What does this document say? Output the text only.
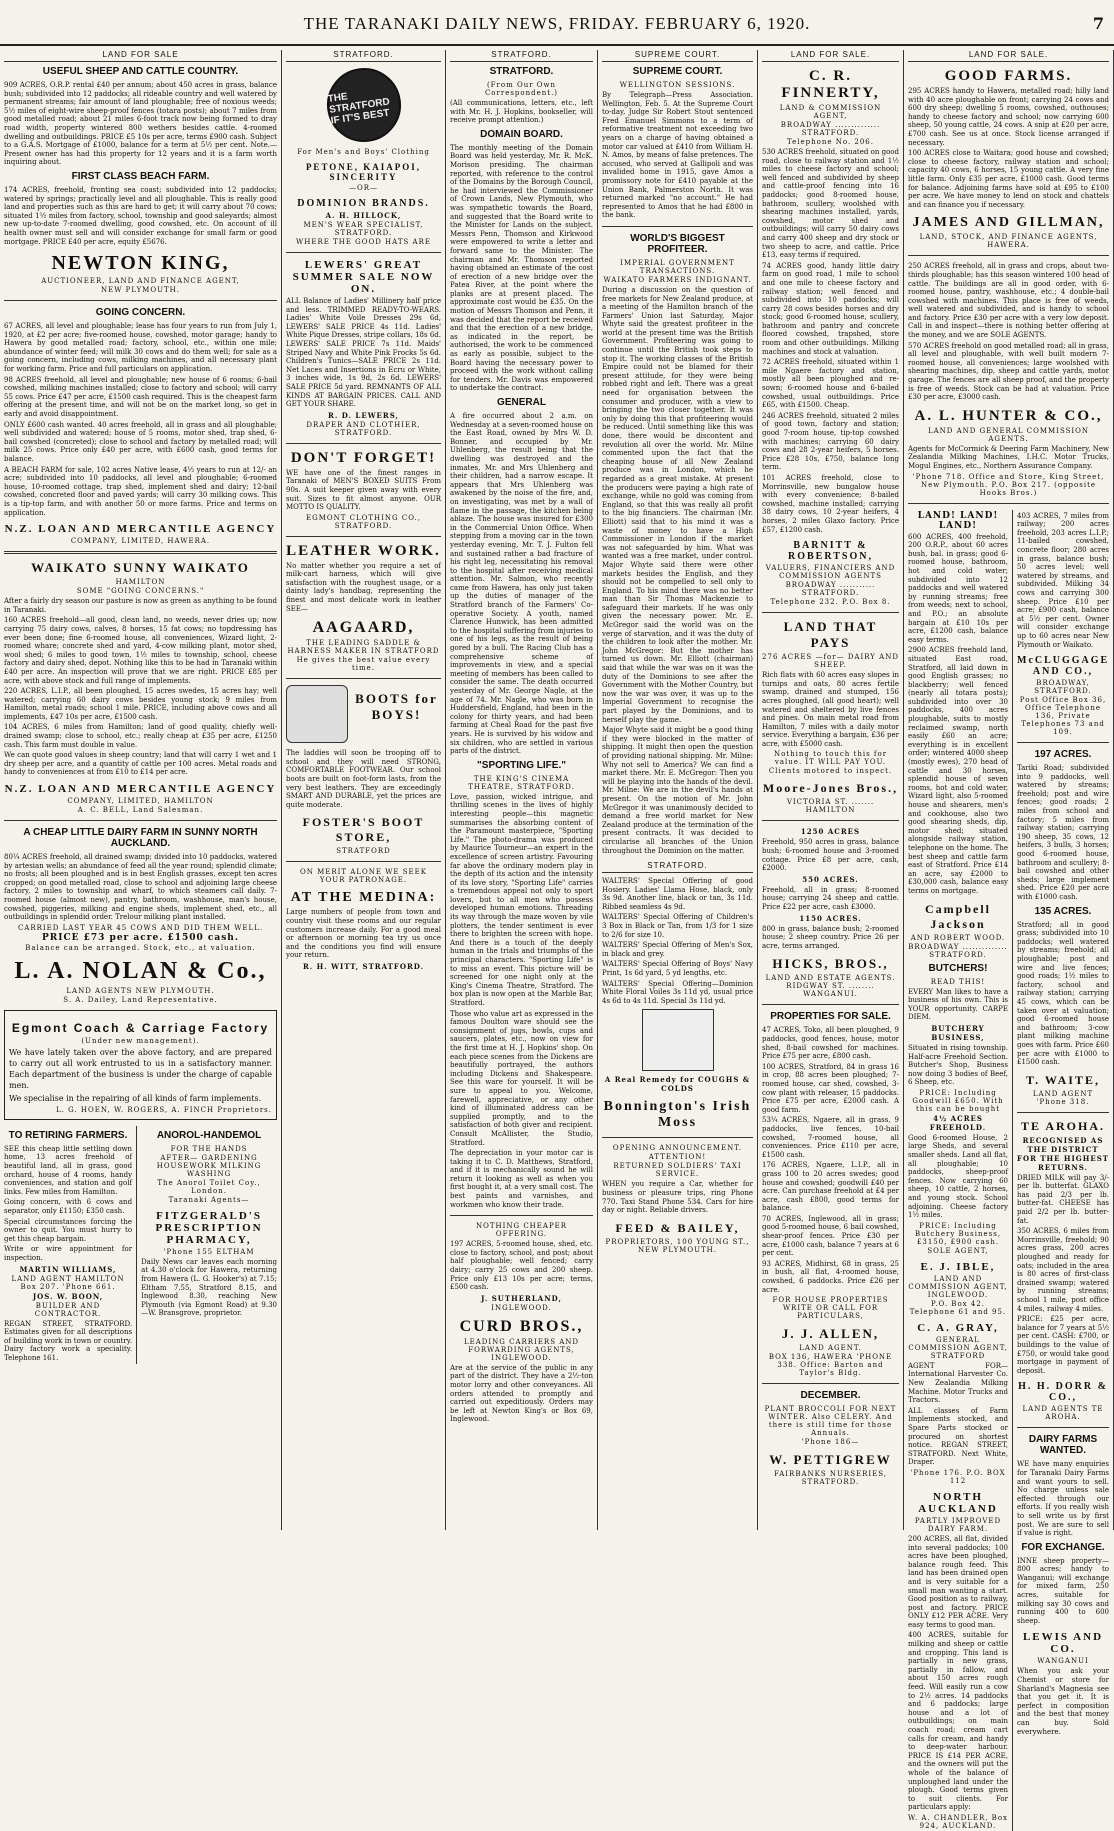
THE TARANAKI DAILY NEWS, FRIDAY. FEBRUARY 6, 1920.	7
LAND FOR SALE
USEFUL SHEEP AND CATTLE COUNTRY.
909 ACRES, O.R.P. rental £40 per annum; about 450 acres in grass, balance bush; subdivided into 12 paddocks; all rideable country and well watered by permanent streams; fair amount of land ploughable; free of noxious weeds; 5½ miles of eight-wire sheep-proof fences (totara posts); about 7 miles from good metalled road; about 21 miles 6-foot track now being formed to dray road width, property wintered 800 wethers besides cattle. 4-roomed dwelling and outbuildings. PRICE £5 10s per acre, terms £900 cash. Subject to a G.A.S. Mortgage of £1000, balance for a term at 5½ per cent. Note.—Present owner has had this property for 12 years and it is a farm worth inquiring about.
FIRST CLASS BEACH FARM.
174 ACRES, freehold, fronting sea coast; subdivided into 12 paddocks; watered by springs; practically level and all ploughable. This is really good land and properties such as this are hard to get; it will carry about 70 cows; situated 1½ miles from factory, school, township and good saleyards; almost new up-to-date 7-roomed dwelling, good cowshed, etc. On account of ill health owner must sell and will consider exchange for small farm or good mortgage. PRICE £40 per acre, equity £5676.
NEWTON KING,
AUCTIONEER, LAND AND FINANCE AGENT,
NEW PLYMOUTH.
GOING CONCERN.
67 ACRES, all level and ploughable; lease has four years to run from July 1, 1920, at £2 per acre; five-roomed house, cowshed, motor garage; handy to Hawera by good metalled road; factory, school, etc., within one mile; abundance of winter feed; will milk 30 cows and do them well; for sale as a going concern, including cows, milking machines, and all necessary plant for working farm. Price and full particulars on application.
98 ACRES freehold, all level and ploughable; new house of 6 rooms; 6-bail cowshed, milking machines installed; close to factory and school; will carry 55 cows. Price £47 per acre, £1500 cash required. This is the cheapest farm offering at the present time, and will not be on the market long, so get in early and avoid disappointment.
ONLY £600 cash wanted. 40 acres freehold, all in grass and all ploughable; well subdivided and watered; house of 5 rooms, motor shed, trap shed, 6-bail cowshed (concreted); close to school and factory by metalled road; will milk 25 cows. Price only £40 per acre, with £600 cash, good terms for balance.
A BEACH FARM for sale, 102 acres Native lease, 4½ years to run at 12/- an acre; subdivided into 10 paddocks, all level and ploughable; 6-roomed house, 10-roomed cottage, trap shed, implement shed and dairy; 12-bail cowshed, concreted floor and paved yards; will carry 30 milking cows. This is a tip-top farm, and with another 50 or more farms. Price and terms on application.
N.Z. LOAN AND MERCANTILE AGENCY
COMPANY, LIMITED, HAWERA.
WAIKATO SUNNY WAIKATO
HAMILTON
SOME "GOING CONCERNS."
After a fairly dry season our pasture is now as green as anything to be found in Taranaki.
160 ACRES freehold—all good, clean land, no weeds, never dries up; now carrying 75 dairy cows, calves, 8 horses, 15 fat cows; no topdressing has ever been done; fine 6-roomed house, all conveniences, Wizard light, 2-roomed whare; concrete shed and yard, 4-cow milking plant, motor shed, wool shed; 6 miles to good town, 1½ miles to township, school, cheese factory and dairy shed, depot. Nothing like this to be had in Taranaki within £40 per acre. An inspection will prove that we are right. PRICE £85 per acre, with above stock and full range of implements.
220 ACRES, L.I.P., all been ploughed, 15 acres swedes, 15 acres hay; well watered; carrying 60 dairy cows besides young stock; 9 miles from Hamilton, metal roads; school 1 mile. PRICE, including above cows and all implements, £47 10s per acre, £1500 cash.
104 ACRES, 6 miles from Hamilton; land of good quality, chiefly well-drained swamp; close to school, etc.; really cheap at £35 per acre, £1250 cash. This farm must double in value.
We can quote good values in sheep country; land that will carry 1 wet and 1 dry sheep per acre, and a quantity of cattle per 100 acres. Metal roads and handy to conveniences at from £10 to £14 per acre.
N.Z. LOAN AND MERCANTILE AGENCY
COMPANY, LIMITED, HAMILTON
A. C. BELL, Land Salesman.
A CHEAP LITTLE DAIRY FARM IN SUNNY NORTH AUCKLAND.
80¼ ACRES freehold, all drained swamp; divided into 10 paddocks, watered by artesian wells; an abundance of feed all the year round; splendid climate; no frosts; all been ploughed and is in best English grasses, except ten acres cropped; on good metalled road, close to school and adjoining large cheese factory, 2 miles to township and wharf, to which steamers call daily. 7-roomed house (almost new), pantry, bathroom, washhouse, man's house, cowshed, piggeries, milking and engine sheds, implement shed, etc., all outbuildings in splendid order. Trelour milking plant installed.
CARRIED LAST YEAR 45 COWS AND DID THEM WELL.
PRICE £73 per acre. £1500 cash.
Balance can be arranged. Stock, etc., at valuation.
L. A. NOLAN & Co.,
LAND AGENTS NEW PLYMOUTH.
S. A. Dailey, Land Representative.
Egmont Coach & Carriage Factory
(Under new management).
We have lately taken over the above factory, and are prepared to carry out all work entrusted to us in a satisfactory manner. Each department of the business is under the charge of capable men.
We specialise in the repairing of all kinds of farm implements.
L. G. HOEN, W. ROGERS, A. FINCH Proprietors.
TO RETIRING FARMERS.
SEE this cheap little settling down home, 13 acres freehold of beautiful land, all in grass, good orchard, house of 4 rooms, handy conveniences, and station and golf links. Few miles from Hamilton.
Going concern, with 6 cows and separator, only £1150; £350 cash.
Special circumstances forcing the owner to quit. You must hurry to get this cheap bargain.
Write or wire appointment for inspection.
MARTIN WILLIAMS,
LAND AGENT HAMILTON Box 207. 'Phone 661.
JOS. W. BOON,
BUILDER AND CONTRACTOR.
REGAN STREET, STRATFORD. Estimates given for all descriptions of building work in town or country. Dairy factory work a speciality. Telephone 161.
ANOROL-HANDEMOL
FOR THE HANDS
AFTER— GARDENING HOUSEWORK MILKING WASHING
The Anorol Toilet Coy., London.
Taranaki Agents—
FITZGERALD'S PRESCRIPTION PHARMACY,
'Phone 155 ELTHAM
Daily News car leaves each morning at 4.30 o'clock for Hawera, returning from Hawera (L. G. Hooker's) at 7.15; Eltham 7.55, Stratford 8.15, and Inglewood 8.30, reaching New Plymouth (via Egmont Road) at 9.30—W. Bransgrove, proprietor.
STRATFORD.
THE STRATFORD IF IT'S BEST
For Men's and Boys' Clothing
PETONE, KAIAPOI, SINCERITY
—OR—
DOMINION BRANDS.
A. H. HILLOCK,
MEN'S WEAR SPECIALIST, STRATFORD.
WHERE THE GOOD HATS ARE
LEWERS' GREAT SUMMER SALE NOW ON.
ALL Balance of Ladies' Millinery half price and less. TRIMMED READY-TO-WEARS. Ladies' White Voile Dresses 29s 6d, LEWERS' SALE PRICE 4s 11d. Ladies' White Pique Dresses, stripe collars, 18s 6d. LEWERS' SALE PRICE 7s 11d. Maids' Striped Navy and White Pink Frocks 5s 6d. Children's Tunics—SALE PRICE 2s 11d. Net Laces and Insertions in Ecru or White, 3 inches wide, 1s 9d, 2s 6d. LEWERS' SALE PRICE 5d yard. REMNANTS OF ALL KINDS AT BARGAIN PRICES. CALL AND GET YOUR SHARE.
R. D. LEWERS,
DRAPER AND CLOTHIER, STRATFORD.
DON'T FORGET!
WE have one of the finest ranges in Taranaki of MEN'S BOXED SUITS From 90s. A suit keeper given away with every suit. Sizes to fit almost anyone. OUR MOTTO IS QUALITY.
EGMONT CLOTHING CO., STRATFORD.
LEATHER WORK.
No matter whether you require a set of milk-cart harness, which will give satisfaction with the roughest usage, or a dainty lady's handbag, representing the finest and most delicate work in leather SEE—
AAGAARD,
THE LEADING SADDLE & HARNESS MAKER IN STRATFORD
He gives the best value every time.
BOOTS for BOYS!
The laddies will soon be trooping off to school and they will need STRONG, COMFORTABLE FOOTWEAR. Our school boots are built on foot-form lasts, from the very best leathers. They are exceedingly SMART AND DURABLE, yet the prices are quite moderate.
FOSTER'S BOOT STORE,
STRATFORD
ON MERIT ALONE WE SEEK YOUR PATRONAGE.
AT THE MEDINA:
Large numbers of people from town and country visit these rooms and our regular customers increase daily. For a good meal or afternoon or morning tea try us once and the conditions you find will ensure your return.
R. H. WITT, STRATFORD.
STRATFORD.
STRATFORD.
(From Our Own Correspondent.)
(All communications, letters, etc., left with Mr. H. J. Hopkins, bookseller, will receive prompt attention.)
DOMAIN BOARD.
The monthly meeting of the Domain Board was held yesterday, Mr. R. McK. Morison presiding. The chairman reported, with reference to the control of the Domains by the Borough Council, he had interviewed the Commissioner of Crown Lands, New Plymouth, who was sympathetic towards the Board, and suggested that the Board write to the Minister for Lands on the subject. Messrs Penn, Thomson and Kirkwood were empowered to write a letter and forward same to the Minister. The chairman and Mr. Thomson reported having obtained an estimate of the cost of erection of a new bridge over the Patea River, at the point where the planks are at present placed. The approximate cost would be £35. On the motion of Messrs Thomson and Penn, it was decided that the report be received and that the erection of a new bridge, as indicated in the report, be authorised, the work to be commenced as early as possible, subject to the Board having the necessary power to proceed with the work without calling for tenders. Mr. Davis was empowered to undertake the contract.
GENERAL
A fire occurred about 2 a.m. on Wednesday at a seven-roomed house on the East Road, owned by Mrs W. D. Bonner, and occupied by Mr. Uhlenberg, the result being that the dwelling was destroyed and the inmates, Mr. and Mrs Uhlenberg and their children, had a narrow escape. It appears that Mrs Uhlenberg was awakened by the noise of the fire, and, on investigating, was met by a wall of flame in the passage, the kitchen being ablaze. The house was insured for £300 in the Commercial Union Office. When stepping from a moving car in the town yesterday evening, Mr. T. J. Fulton fell and sustained rather a bad fracture of his right leg, necessitating his removal to the hospital after receiving medical attention. Mr. Salmon, who recently came from Hawera, has only just taken up the duties of manager of the Stratford branch of the Farmers' Co-operative Society. A youth, named Clarence Hunwick, has been admitted to the hospital suffering from injuries to one of his legs, as the result of being gored by a bull. The Racing Club has a comprehensive scheme of improvements in view, and a special meeting of members has been called to consider the same. The death occurred yesterday of Mr. George Nagle, at the age of 74. Mr. Nagle, who was born in Huddersfield, England, had been in the colony for thirty years, and had been farming at Cheal Road for the past five years. He is survived by his widow and six children, who are settled in various parts of the district.
"SPORTING LIFE."
THE KING'S CINEMA THEATRE, STRATFORD.
Love, passion, wicked intrigue, and thrilling scenes in the lives of highly interesting people—this magnetic summarises the absorbing content of the Paramount masterpiece, "Sporting Life." The photo-drama was produced by Maurice Tourneur—an expert in the excellence of screen artistry. Favouring far above the ordinary modern play in the depth of its action and the intensity of its love story, "Sporting Life" carries a tremendous appeal not only to sport lovers, but to all men who possess developed human emotions. Threading its way through the maze woven by vile plotters, the tender sentiment is ever there to brighten the screen with hope. And there is a touch of the deeply human in the trials and triumphs of the principal characters. "Sporting Life" is to miss an event. This picture will be screened for one night only at the King's Cinema Theatre, Stratford. The box plan is now open at the Marble Bar, Stratford.
Those who value art as expressed in the famous Doulton ware should see the consignment of jugs, bowls, cups and saucers, plates, etc., now on view for the first time at H. J. Hopkins' shop. On each piece scenes from the Dickens are beautifully portrayed, the authors including Dickens and Shakespeare. See this ware for yourself. It will be sure to appeal to you. Welcome, farewell, appreciative, or any other kind of illuminated address can be supplied promptly, and to the satisfaction of both giver and recipient. Consult McAllister, the Studio, Stratford.
The depreciation in your motor car is taking it to C. D. Matthews, Stratford, and if it is mechanically sound he will return it looking as well as when you first bought it, at a very small cost. The best paints and varnishes, and workmen who know their trade.
NOTHING CHEAPER OFFERING.
197 ACRES, 5-roomed house, shed, etc. close to factory, school, and post; about half ploughable; well fenced; carry dairy; carry 25 cows and 200 sheep. Price only £13 10s per acre; terms, £500 cash.
J. SUTHERLAND,
INGLEWOOD.
CURD BROS.,
LEADING CARRIERS AND FORWARDING AGENTS, INGLEWOOD.
Are at the service of the public in any part of the district. They have a 2½-ton motor lorry and other conveyances. All orders attended to promptly and carried out expeditiously. Orders may be left at Newton King's or Box 69, Inglewood.
SUPREME COURT.
SUPREME COURT.
WELLINGTON SESSIONS.
By Telegraph—Press Association. Wellington, Feb. 5. At the Supreme Court to-day, Judge Sir Robert Stout sentenced Fred Emanuel Simmons to a term of reformative treatment not exceeding two years on a charge of having obtained a motor car valued at £410 from William H. N. Amos, by means of false pretences. The accused, who served at Gallipoli and was invalided home in 1915, gave Amos a promissory note for £410 payable at the Union Bank, Palmerston North. It was returned marked "no account." He had represented to Amos that he had £800 in the bank.
WORLD'S BIGGEST PROFITEER.
IMPERIAL GOVERNMENT TRANSACTIONS.
WAIKATO FARMERS INDIGNANT.
During a discussion on the question of free markets for New Zealand produce, at a meeting of the Hamilton branch of the Farmers' Union last Saturday, Major Whyte said the greatest profiteer in the world at the present time was the British Government. Profiteering was going to continue until the British took steps to stop it. The working classes of the British Empire could not be blamed for their present attitude, for they were being robbed right and left. There was a great need for organisation between the consumer and producer, with a view to bringing the two closer together. It was only by doing this that profiteering would be reduced. Until something like this was done, there would be discontent and revolution all over the world. Mr. Milne commented upon the fact that the cheaping house of all New Zealand produce was in London, which he regarded as a great mistake. At present the producers were paying a high rate of exchange, while no gold was coming from England, so that this was really all profit to the big financiers. The chairman (Mr. Elliott) said that to his mind it was a waste of money to have a High Commissioner in London if the market was not safeguarded by him. What was wanted was a free market, under control. Major Whyte said there were other markets besides the English, and they should not be compelled to sell only to England. To his mind there was no better man than Sir Thomas Mackenzie to safeguard their markets. If he was only given the necessary power. Mr. E. McGregor said the world was on the verge of starvation, and it was the duty of the children to look after the mother. Mr. John McGregor: But the mother has turned us down. Mr. Elliott (chairman) said that while the war was on it was the duty of the Dominions to see after the Government with the Mother Country, but now the war was over, it was up to the Imperial Government to recognise the part played by the Dominions, and to herself play the game.
Major Whyte said it might be a good thing if they were blocked in the matter of shipping. It might then open the question of providing national shipping. Mr. Milne: Why not sell to America? We can find a market there. Mr. E. McGregor: Then you will be playing into the hands of the devil. Mr. Milne: We are in the devil's hands at present. On the motion of Mr. John McGregor it was unanimously decided to demand a free world market for New Zealand produce at the termination of the present contracts. It was decided to circularise all branches of the Union throughout the Dominion on the matter.
STRATFORD.
WALTERS' Special Offering of good Hosiery. Ladies' Llama Hose, black, only 3s 9d. Another line, black or tan, 3s 11d. Ribbed seamless 4s 9d.
WALTERS' Special Offering of Children's 3 Box in Black or Tan, from 1/3 for 1 size to 2/6 for size 10.
WALTERS' Special Offering of Men's Sox, in black and grey.
WALTERS' Special Offering of Boys' Navy Print, 1s 6d yard, 5 yd lengths, etc.
WALTERS' Special Offering—Dominion White Floral Voiles 3s 11d yd, usual price 4s 6d to 4s 11d. Special 3s 11d yd.
A Real Remedy for COUGHS & COLDS
Bonnington's Irish Moss
OPENING ANNOUNCEMENT.
ATTENTION!
RETURNED SOLDIERS' TAXI SERVICE.
WHEN you require a Car, whether for business or pleasure trips, ring Phone 770. Taxi Stand Phone 534. Cars for hire day or night. Reliable drivers.
FEED & BAILEY,
PROPRIETORS, 100 YOUNG ST., NEW PLYMOUTH.
LAND FOR SALE.
C. R. FINNERTY,
LAND & COMMISSION AGENT,
BROADWAY .............. STRATFORD.
Telephone No. 206.
530 ACRES freehold, situated on good road, close to railway station and 1½ miles to cheese factory and school; well fenced and subdivided by sheep and cattle-proof fencing into 16 paddocks; good 8-roomed house, bathroom, scullery, woolshed with shearing machines installed, yards, cowshed, motor shed and outbuildings; will carry 50 dairy cows and carry 400 sheep and dry stock or two sheep to acre, and cattle. Price £13, easy terms if required.
74 ACRES good, handy little dairy farm on good road, 1 mile to school and one mile to cheese factory and railway station; well fenced and subdivided into 10 paddocks; will carry 28 cows besides horses and dry stock; good 6-roomed house, scullery, bathroom and pantry and concrete floored cowshed, trapshed, store room and other outbuildings. Milking machines and stock at valuation.
72 ACRES freehold, situated within 1 mile Ngaere factory and station, mostly all been ploughed and re-sown; 6-roomed house and 6-bailed cowshed, usual outbuildings. Price £65, with £1500. Cheap.
246 ACRES freehold, situated 2 miles of good town, factory and station; good 7-room house, tip-top cowshed with machines; carrying 60 dairy cows and 28 2-year heifers, 5 horses. Price £28 10s, £750, balance long term.
101 ACRES freehold, close to Morrinsville, new bungalow house with every convenience; 8-bailed cowshed, machine installed; carrying 38 dairy cows, 10 2-year heifers, 4 horses, 2 miles Glaxo factory. Price £57, £1200 cash.
BARNITT & ROBERTSON,
VALUERS, FINANCIERS AND COMMISSION AGENTS
BROADWAY ........... STRATFORD.
Telephone 232. P.O. Box 8.
LAND THAT PAYS
276 ACRES —for— DAIRY AND SHEEP.
Rich flats with 60 acres easy slopes in turnips and oats, 80 acres fertile swamp, drained and stumped, 156 acres ploughed, (all good heart); well watered and sheltered by live fences and pines. On main metal road from Hamilton, 7 miles with a daily motor service. Everything a bargain, £36 per acre, with £5000 cash.
Nothing to touch this for value. IT WILL PAY YOU.
Clients motored to inspect.
Moore-Jones Bros.,
VICTORIA ST. ....... HAMILTON
1250 ACRES
Freehold, 950 acres in grass, balance bush; 6-roomed house and 3-roomed cottage. Price £8 per acre, cash, £2000.
550 ACRES.
Freehold, all in grass; 8-roomed house; carrying 24 sheep and cattle. Price £22 per acre, cash £3000.
1150 ACRES.
800 in grass, balance bush; 2-roomed house; 2 sheep country. Price 26 per acre, terms arranged.
HICKS, BROS.,
LAND AND ESTATE AGENTS. RIDGWAY ST. ........ WANGANUI.
PROPERTIES FOR SALE.
47 ACRES, Toko, all been ploughed, 9 paddocks, good fences, house, motor shed, 8-bail cowshed for machines. Price £75 per acre, £800 cash.
100 ACRES, Stratford, 84 in grass 16 in crop, 88 acres been ploughed; 7-roomed house, car shed, cowshed, 3-cow plant with releaser, 15 paddocks. Price £75 per acre, £2000 cash. A good farm.
53¼ ACRES, Ngaere, all in grass, 9 paddocks, live fences, 10-bail cowshed, 7-roomed house, all conveniences. Price £110 per acre, £1500 cash.
176 ACRES, Ngaere, L.I.P., all in grass 100 to 20 acres swedes; good house and cowshed; goodwill £40 per acre. Can purchase freehold at £4 per acre, cash £800, good terms for balance.
70 ACRES, Inglewood, all in grass; good 5-roomed house, 6 bail cowshed, shear-proof fences. Price £30 per acre, £1000 cash, balance 7 years at 6 per cent.
93 ACRES, Midhirst, 68 in grass, 25 in bush, all flat, 4-roomed house, cowshed, 6 paddocks. Price £26 per acre.
FOR HOUSE PROPERTIES WRITE OR CALL FOR PARTICULARS,
J. J. ALLEN,
LAND AGENT.
BOX 136, HAWERA 'PHONE 338. Office: Barton and Taylor's Bldg.
DECEMBER.
PLANT BROCCOLI FOR NEXT WINTER. Also CELERY. And there is still time for those Annuals.
'Phone 186—
W. PETTIGREW
FAIRBANKS NURSERIES, STRATFORD.
LAND FOR SALE.
GOOD FARMS.
295 ACRES handy to Hawera, metalled road; hilly land with 40 acre ploughable on front; carrying 24 cows and 600 dry sheep; dwelling 5 rooms, cowshed, outhouses; handy to cheese factory and school; now carrying 600 sheep, 50 young cattle, 24 cows. A snip at £20 per acre, £700 cash. See us at once. Stock license arranged if necessary.
100 ACRES close to Waitara; good house and cowshed; close to cheese factory, railway station and school; capacity 40 cows, 6 horses, 15 young cattle. A very fine little farm. Only £35 per acre, £1000 cash. Good terms for balance. Adjoining farms have sold at £95 to £100 per acre. We have money to lend on stock and chattels and can finance you if necessary.
JAMES AND GILLMAN,
LAND, STOCK, AND FINANCE AGENTS, HAWERA.
250 ACRES freehold, all in grass and crops, about two-thirds ploughable; has this season wintered 100 head of cattle. The buildings are all in good order, with 6-roomed house, pantry, washhouse, etc.; 4 double-bail cowshed with machines. This place is free of weeds, well watered and subdivided, and is handy to school and factory. Price £30 per acre with a very low deposit. Call in and inspect—there is nothing better offering at the money, and we are SOLE AGENTS.
570 ACRES freehold on good metalled road; all in grass, all level and ploughable, with well built modern 7-roomed house, all conveniences; large woolshed with shearing machines, dip, sheep and cattle yards, motor garage. The fences are all sheep proof, and the property is free of weeds. Stock can be had at valuation. Price £30 per acre, £3000 cash.
A. L. HUNTER & CO.,
LAND AND GENERAL COMMISSION AGENTS.
Agents for McCormick & Deering Farm Machinery, New Zealandia Milking Machines, I.H.C. Motor Trucks, Mogul Engines, etc., Northern Assurance Company.
'Phone 718. Office and Store, King Street, New Plymouth. P.O. Box 217. (opposite Hooks Bros.)
LAND! LAND! LAND!
600 ACRES, 400 freehold, 200 O.R.P., about 60 acres bush, bal. in grass; good 6-roomed house, bathroom, hot and cold water; subdivided into 12 paddocks and well watered by running streams; free from weeds; next to school, and P.O.; an absolute bargain at £10 10s per acre, £1200 cash, balance easy terms.
2900 ACRES freehold land, situated East road, Stratford, all laid down in good English grasses; no blackberry; well fenced (nearly all totara posts); subdivided into over 30 paddocks, 400 acres ploughable, suits to mostly reclaimed swamp, north easily £60 an acre; everything is in excellent order; wintered 4000 sheep (mostly ewes), 270 head of cattle and 30 horses, splendid house of seven rooms, hot and cold water, Wizard light, also 5-roomed house and shearers, men's and cookhouse, also two good shearing sheds, dip, motor shed; situated alongside railway station, telephone on the home. The best sheep and cattle farm east of Stratford. Price £14 an acre, say £2000 to £30,000 cash, balance easy terms on mortgage.
Campbell Jackson
AND ROBERT WOOD.
BROADWAY .............. STRATFORD.
BUTCHERS!
READ THIS!
EVERY Man likes to have a business of his own. This is YOUR opportunity. CARPE DIEM.
BUTCHERY BUSINESS,
Situated in rising township. Half-acre Freehold Section. Butcher's Shop, Business now doing 3 bodies of Beef, 6 Sheep, etc.
PRICE: Including Goodwill £650. With this can be bought
4½ ACRES FREEHOLD.
Good 6-roomed House, 2 large Sheds, and several smaller sheds. Land all flat, all ploughable; 10 paddocks, sheep-proof fences. Now carrying 60 sheep, 10 cattle, 2 horses, and young stock. School adjoining. Cheese factory 1½ miles.
PRICE: Including Butchery Business, £3150, £900 cash.
SOLE AGENT,
E. J. IBLE,
LAND AND COMMISSION AGENT, INGLEWOOD.
P.O. Box 42. Telephone 61 and 95.
C. A. GRAY,
GENERAL COMMISSION AGENT, STRATFORD
AGENT FOR— International Harvester Co. New Zealandia Milking Machine. Motor Trucks and Tractors.
ALL classes of Farm Implements stocked, and Spare Parts stocked or procured on shortest notice. REGAN STREET, STRATFORD. Next White, Draper.
'Phone 176. P.O. BOX 112
NORTH AUCKLAND
PARTLY IMPROVED DAIRY FARM.
200 ACRES, all flat, divided into several paddocks; 100 acres have been ploughed, balance rough feed. This land has been drained open and is very suitable for a small man wanting a start. Good position as to railway, post and factory. PRICE ONLY £12 PER ACRE. Very easy terms to good man.
400 ACRES, suitable for milking and sheep or cattle and cropping. This land is partially in new grass, partially in fallow, and about 150 acres rough feed. Will easily run a cow to 2½ acres. 14 paddocks and 6 paddocks; large house and a lot of outbuildings; on main coach road; cream cart calls for cream, and handy to deep-water harbour. PRICE IS £14 PER ACRE, and the owners will put the whole of the balance of unploughed land under the plough. Good terms given to suit clients. For particulars apply:
W. A. CHANDLER, Box 924, AUCKLAND.
403 ACRES, 7 miles from railway; 200 acres freehold, 203 acres L.I.P.; 11-bailed cowshed, concrete floor; 280 acres in grass, balance bush; 50 acres level; well watered by streams, and subdivided. Milking 34 cows and carrying 300 sheep. Price £10 per acre; £900 cash, balance at 5½ per cent. Owner will consider exchange up to 60 acres near New Plymouth or Waikato.
McCLUGGAGE AND CO.,
BROADWAY, STRATFORD.
Post Office Box 36, Office Telephone 136, Private Telephones 73 and 109.
197 ACRES.
Tariki Road; subdivided into 9 paddocks, well watered by streams; freehold; post and wire fences; good roads; 2 miles from school and factory; 5 miles from railway station; carrying 190 sheep, 35 cows, 12 heifers, 3 bulls, 3 horses; good 6-roomed house, bathroom and scullery; 8-bail cowshed and other sheds; large implement shed. Price £20 per acre with £1000 cash.
135 ACRES.
Stratford; all in good grass; subdivided into 10 paddocks; well watered by streams; freehold; all ploughable; post and wire and live fences; good roads; 1½ miles to factory, school and railway station; carrying 45 cows, which can be taken over at valuation; good 6-roomed house and bathroom; 3-cow plant milking machine goes with farm. Price £60 per acre with £1000 to £1500 cash.
T. WAITE,
LAND AGENT 'Phone 318.
TE AROHA.
RECOGNISED AS THE DISTRICT FOR THE HIGHEST RETURNS.
DRIED MILK will pay 3/- per lb. butterfat. GLAXO has paid 2/3 per lb. butter-fat. CHEESE has paid 2/2 per lb. butter-fat.
350 ACRES, 6 miles from Morrinsville, freehold; 90 acres grass, 200 acres ploughed and ready for oats; included in the area is 80 acres of first-class drained swamp; watered by running streams; school 1 mile, post office 4 miles, railway 4 miles.
PRICE: £25 per acre, balance for 7 years at 5½ per cent. CASH: £700, or buildings to the value of £750, or would take good mortgage in payment of deposit.
H. H. DORR & CO.,
LAND AGENTS TE AROHA.
DAIRY FARMS WANTED.
WE have many enquiries for Taranaki Dairy Farms and want yours to sell. No charge unless sale effected through our efforts. If you really wish to sell write us by first post. We are sure to sell if value is right.
FOR EXCHANGE.
INNE sheep property—800 acres; handy to Wanganui; will exchange for mixed farm, 250 acres, suitable for milking say 30 cows and running 400 to 600 sheep.
LEWIS AND CO.
WANGANUI
When you ask your Chemist or store for Sharland's Magnesia see that you get it. It is perfect in composition and the best that money can buy. Sold everywhere.
